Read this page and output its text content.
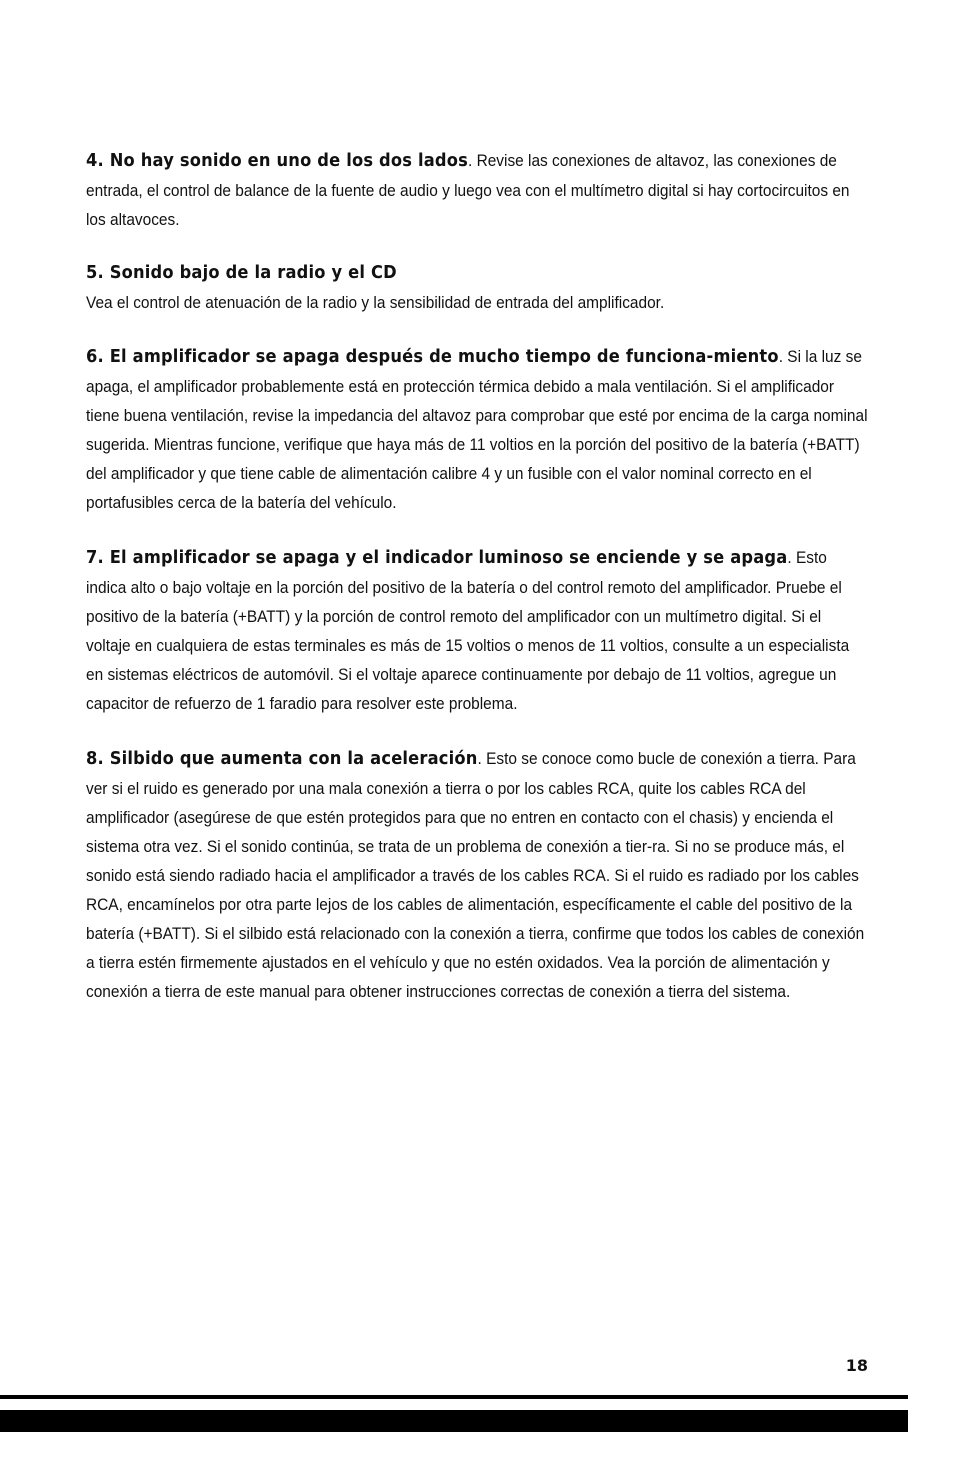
4. No hay sonido en uno de los dos lados. Revise las conexiones de altavoz, las conexiones de entrada, el control de balance de la fuente de audio y luego vea con el multímetro digital si hay cortocircuitos en los altavoces.

5. Sonido bajo de la radio y el CD
Vea el control de atenuación de la radio y la sensibilidad de entrada del amplificador.

6. El amplificador se apaga después de mucho tiempo de funciona-miento. Si la luz se apaga, el amplificador probablemente está en protección térmica debido a mala ventilación. Si el amplificador tiene buena ventilación, revise la impedancia del altavoz para comprobar que esté por encima de la carga nominal sugerida. Mientras funcione, verifique que haya más de 11 voltios en la porción del positivo de la batería (+BATT) del amplificador y que tiene cable de alimentación calibre 4 y un fusible con el valor nominal correcto en el portafusibles cerca de la batería del vehículo.

7. El amplificador se apaga y el indicador luminoso se enciende y se apaga. Esto indica alto o bajo voltaje en la porción del positivo de la batería o del control remoto del amplificador. Pruebe el positivo de la batería (+BATT) y la porción de control remoto del amplificador con un multímetro digital. Si el voltaje en cualquiera de estas terminales es más de 15 voltios o menos de 11 voltios, consulte a un especialista en sistemas eléctricos de automóvil. Si el voltaje aparece continuamente por debajo de 11 voltios, agregue un capacitor de refuerzo de 1 faradio para resolver este problema.

8. Silbido que aumenta con la aceleración. Esto se conoce como bucle de conexión a tierra. Para ver si el ruido es generado por una mala conexión a tierra o por los cables RCA, quite los cables RCA del amplificador (asegúrese de que estén protegidos para que no entren en contacto con el chasis) y encienda el sistema otra vez. Si el sonido continúa, se trata de un problema de conexión a tier-ra. Si no se produce más, el sonido está siendo radiado hacia el amplificador a través de los cables RCA. Si el ruido es radiado por los cables RCA, encamínelos por otra parte lejos de los cables de alimentación, específicamente el cable del positivo de la batería (+BATT). Si el silbido está relacionado con la conexión a tierra, confirme que todos los cables de conexión a tierra estén firmemente ajustados en el vehículo y que no estén oxidados. Vea la porción de alimentación y conexión a tierra de este manual para obtener instrucciones correctas de conexión a tierra del sistema.

18
